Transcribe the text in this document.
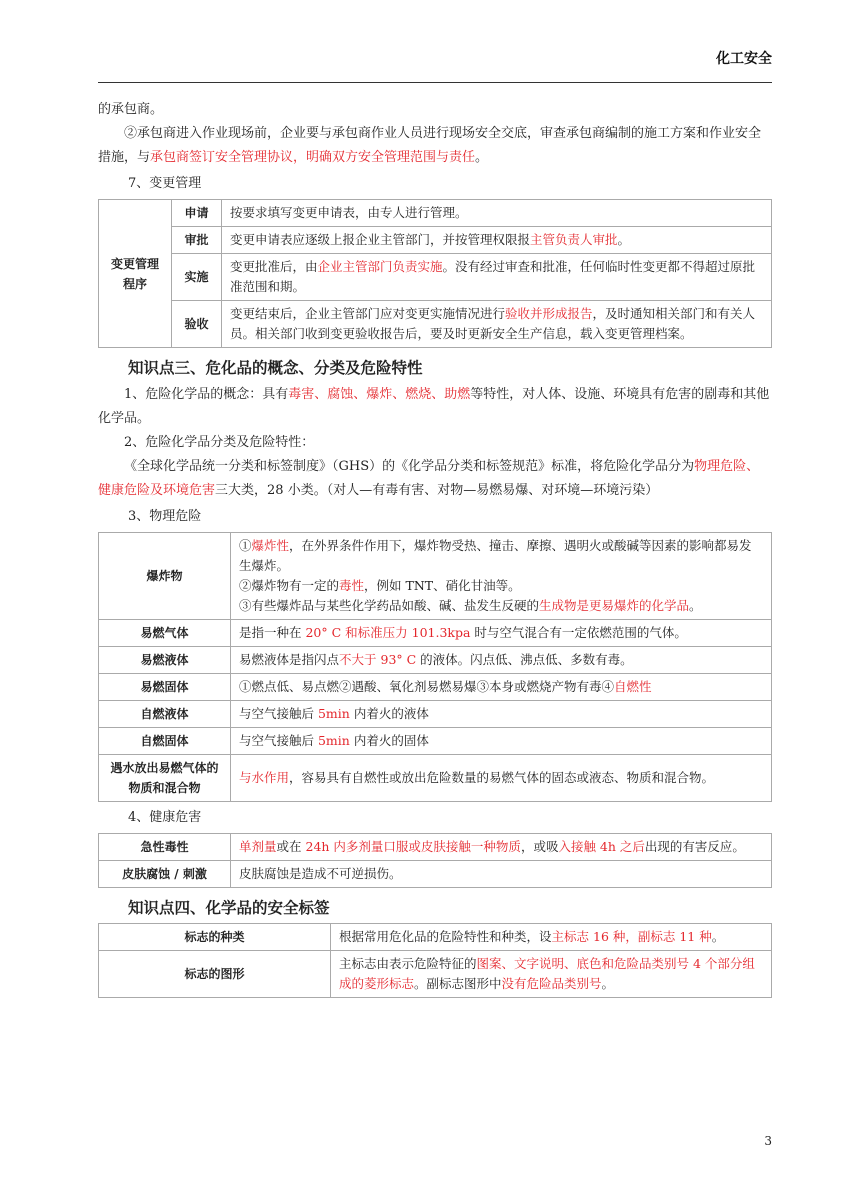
化工安全

的承包商。

②承包商进入作业现场前，企业要与承包商作业人员进行现场安全交底，审查承包商编制的施工方案和作业安全措施，与承包商签订安全管理协议，明确双方安全管理范围与责任。

7、变更管理

变更管理程序	申请	按要求填写变更申请表，由专人进行管理。
	审批	变更申请表应逐级上报企业主管部门，并按管理权限报主管负责人审批。
	实施	变更批准后，由企业主管部门负责实施。没有经过审查和批准，任何临时性变更都不得超过原批准范围和期。
	验收	变更结束后，企业主管部门应对变更实施情况进行验收并形成报告，及时通知相关部门和有关人员。相关部门收到变更验收报告后，要及时更新安全生产信息，载入变更管理档案。
知识点三、危化品的概念、分类及危险特性

1、危险化学品的概念：具有毒害、腐蚀、爆炸、燃烧、助燃等特性，对人体、设施、环境具有危害的剧毒和其他化学品。

2、危险化学品分类及危险特性：

《全球化学品统一分类和标签制度》（GHS）的《化学品分类和标签规范》标准，将危险化学品分为物理危险、健康危险及环境危害三大类，28 小类。（对人—有毒有害、对物—易燃易爆、对环境—环境污染）

3、物理危险

爆炸物	①爆炸性，在外界条件作用下，爆炸物受热、撞击、摩擦、遇明火或酸碱等因素的影响都易发生爆炸。
②爆炸物有一定的毒性，例如 TNT、硝化甘油等。
③有些爆炸品与某些化学药品如酸、碱、盐发生反硬的生成物是更易爆炸的化学品。

易燃气体	是指一种在 20° C 和标准压力 101.3kpa 时与空气混合有一定依燃范围的气体。
易燃液体	易燃液体是指闪点不大于 93° C 的液体。闪点低、沸点低、多数有毒。
易燃固体	①燃点低、易点燃②遇酸、氧化剂易燃易爆③本身或燃烧产物有毒④自燃性
自燃液体	与空气接触后 5min 内着火的液体
自燃固体	与空气接触后 5min 内着火的固体
遇水放出易燃气体的物质和混合物	与水作用，容易具有自燃性或放出危险数量的易燃气体的固态或液态、物质和混合物。

4、健康危害

急性毒性	单剂量或在 24h 内多剂量口服或皮肤接触一种物质，或吸入接触 4h 之后出现的有害反应。
皮肤腐蚀 / 刺激	皮肤腐蚀是造成不可逆损伤。
知识点四、化学品的安全标签
标志的种类	根据常用危化品的危险特性和种类，设主标志 16 种，副标志 11 种。
标志的图形	主标志由表示危险特征的图案、文字说明、底色和危险品类别号 4 个部分组成的菱形标志。副标志图形中没有危险品类别号。
3
